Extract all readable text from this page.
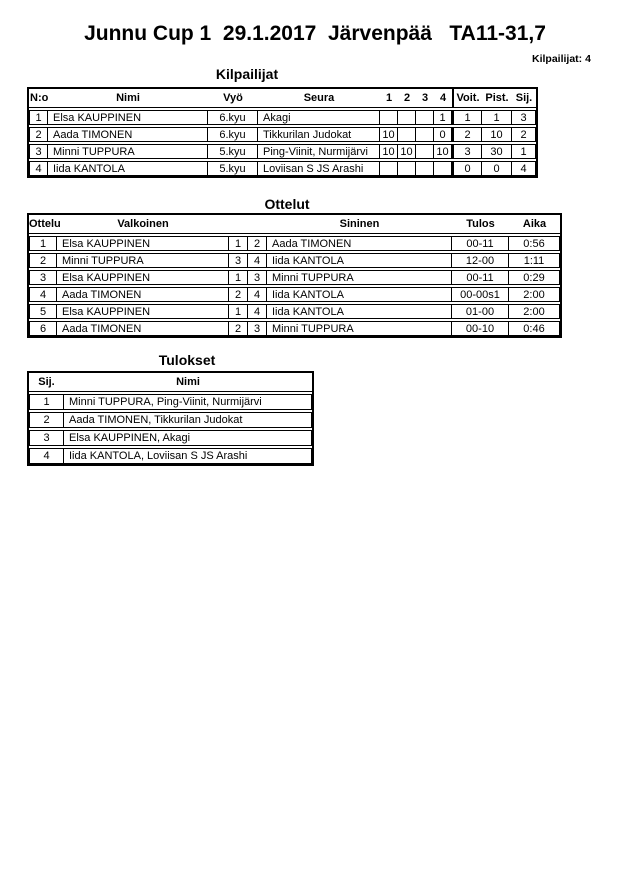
Junnu Cup 1  29.1.2017  Järvenpää   TA11-31,7
Kilpailijat: 4
Kilpailijat
N:o	Nimi	Vyö	Seura	1	2	3	4	Voit.	Pist.	Sij.
1	Elsa KAUPPINEN	6.kyu	Akagi				1	1	1	3
2	Aada TIMONEN	6.kyu	Tikkurilan Judokat	10			0	2	10	2
3	Minni TUPPURA	5.kyu	Ping-Viinit, Nurmijärvi	10	10		10	3	30	1
4	Iida KANTOLA	5.kyu	Loviisan S JS Arashi					0	0	4
Ottelut
Ottelu	Valkoinen			Sininen	Tulos	Aika
1	Elsa KAUPPINEN	1	2	Aada TIMONEN	00-11	0:56
2	Minni TUPPURA	3	4	Iida KANTOLA	12-00	1:11
3	Elsa KAUPPINEN	1	3	Minni TUPPURA	00-11	0:29
4	Aada TIMONEN	2	4	Iida KANTOLA	00-00s1	2:00
5	Elsa KAUPPINEN	1	4	Iida KANTOLA	01-00	2:00
6	Aada TIMONEN	2	3	Minni TUPPURA	00-10	0:46
Tulokset
Sij.	Nimi
1	Minni TUPPURA, Ping-Viinit, Nurmijärvi
2	Aada TIMONEN, Tikkurilan Judokat
3	Elsa KAUPPINEN, Akagi
4	Iida KANTOLA, Loviisan S JS Arashi
